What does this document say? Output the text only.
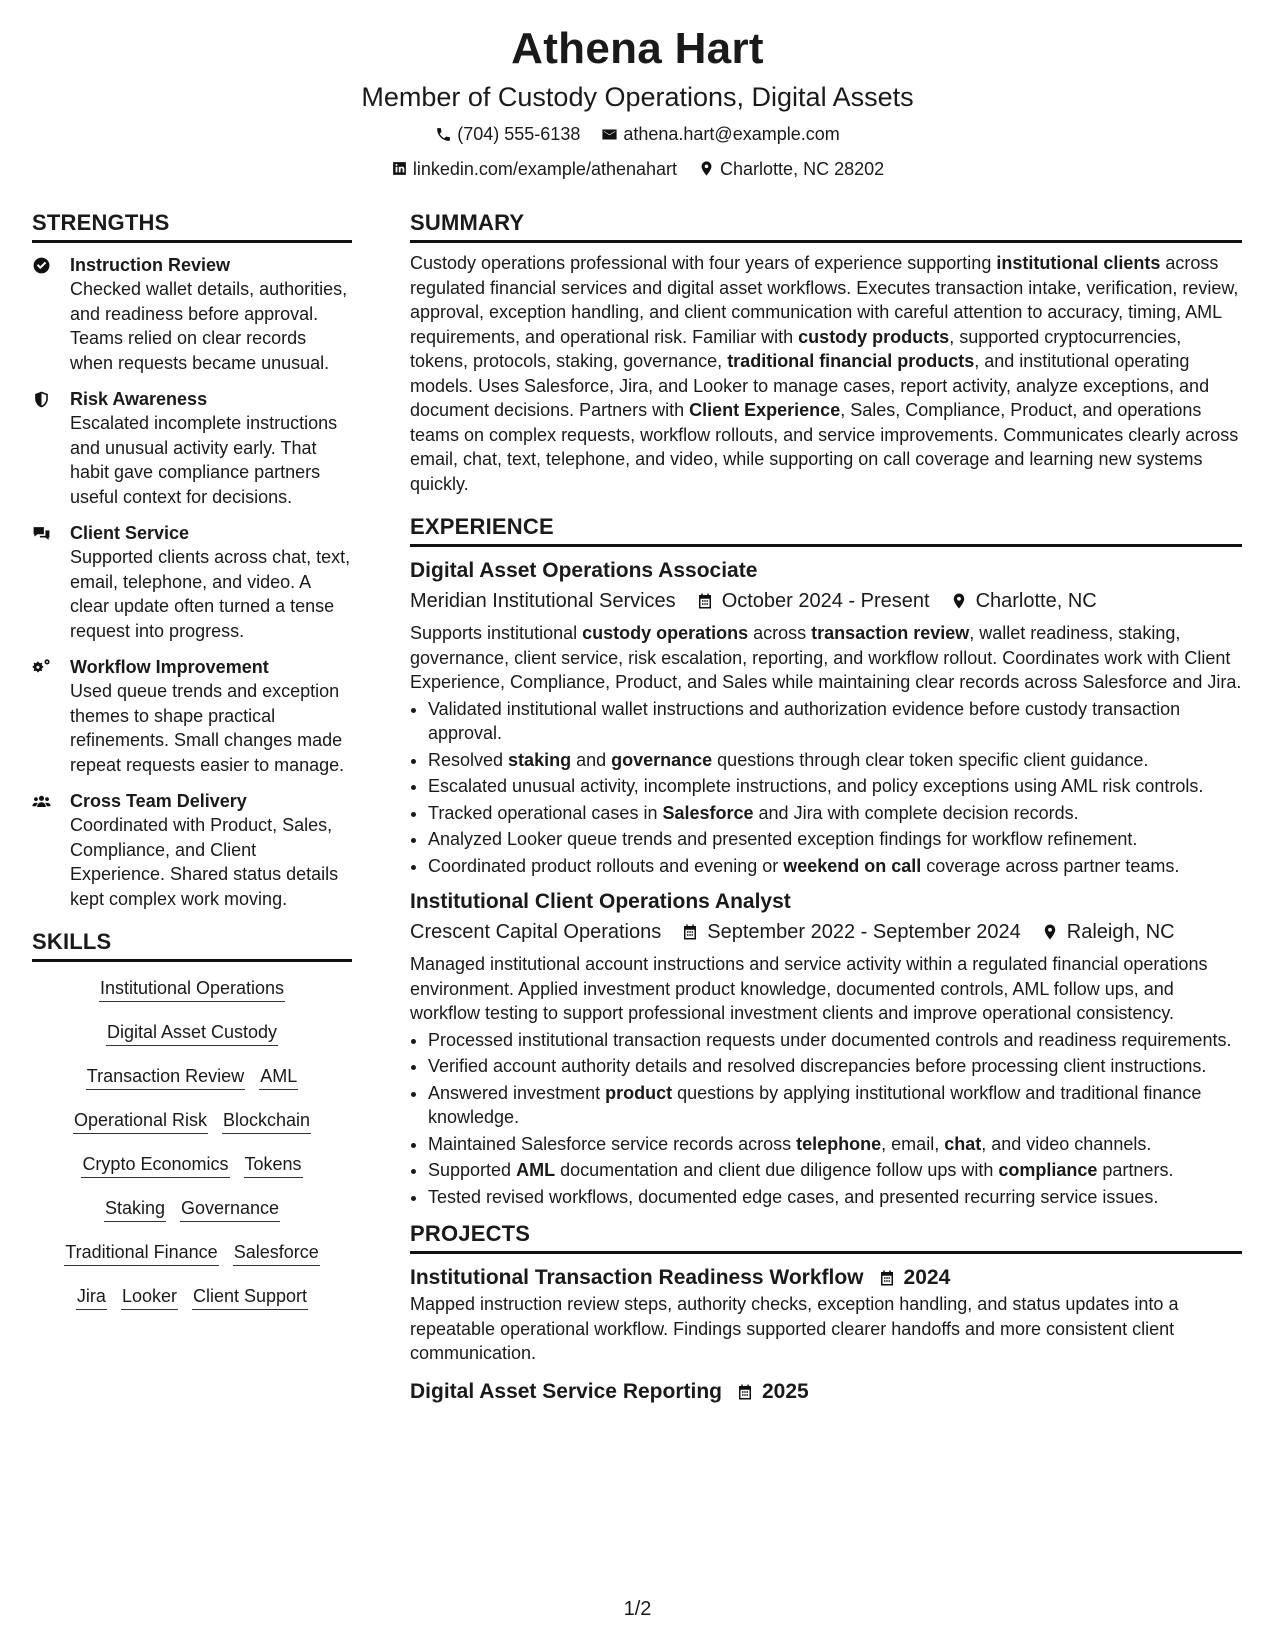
Athena Hart
Member of Custody Operations, Digital Assets
(704) 555-6138
athena.hart@example.com
linkedin.com/example/athenahart
Charlotte, NC 28202
STRENGTHS
Instruction Review
Checked wallet details, authorities, and readiness before approval. Teams relied on clear records when requests became unusual.
Risk Awareness
Escalated incomplete instructions and unusual activity early. That habit gave compliance partners useful context for decisions.
Client Service
Supported clients across chat, text, email, telephone, and video. A clear update often turned a tense request into progress.
Workflow Improvement
Used queue trends and exception themes to shape practical refinements. Small changes made repeat requests easier to manage.
Cross Team Delivery
Coordinated with Product, Sales, Compliance, and Client Experience. Shared status details kept complex work moving.
SKILLS
Institutional Operations
Digital Asset Custody
Transaction Review AML
Operational Risk Blockchain
Crypto Economics Tokens
Staking Governance
Traditional Finance Salesforce
Jira Looker Client Support
SUMMARY
Custody operations professional with four years of experience supporting institutional clients across regulated financial services and digital asset workflows. Executes transaction intake, verification, review, approval, exception handling, and client communication with careful attention to accuracy, timing, AML requirements, and operational risk. Familiar with custody products, supported cryptocurrencies, tokens, protocols, staking, governance, traditional financial products, and institutional operating models. Uses Salesforce, Jira, and Looker to manage cases, report activity, analyze exceptions, and document decisions. Partners with Client Experience, Sales, Compliance, Product, and operations teams on complex requests, workflow rollouts, and service improvements. Communicates clearly across email, chat, text, telephone, and video, while supporting on call coverage and learning new systems quickly.
EXPERIENCE
Digital Asset Operations Associate
Meridian Institutional Services October 2024 - Present Charlotte, NC
Supports institutional custody operations across transaction review, wallet readiness, staking, governance, client service, risk escalation, reporting, and workflow rollout. Coordinates work with Client Experience, Compliance, Product, and Sales while maintaining clear records across Salesforce and Jira.
• Validated institutional wallet instructions and authorization evidence before custody transaction approval.
• Resolved staking and governance questions through clear token specific client guidance.
• Escalated unusual activity, incomplete instructions, and policy exceptions using AML risk controls.
• Tracked operational cases in Salesforce and Jira with complete decision records.
• Analyzed Looker queue trends and presented exception findings for workflow refinement.
• Coordinated product rollouts and evening or weekend on call coverage across partner teams.
Institutional Client Operations Analyst
Crescent Capital Operations September 2022 - September 2024 Raleigh, NC
Managed institutional account instructions and service activity within a regulated financial operations environment. Applied investment product knowledge, documented controls, AML follow ups, and workflow testing to support professional investment clients and improve operational consistency.
• Processed institutional transaction requests under documented controls and readiness requirements.
• Verified account authority details and resolved discrepancies before processing client instructions.
• Answered investment product questions by applying institutional workflow and traditional finance knowledge.
• Maintained Salesforce service records across telephone, email, chat, and video channels.
• Supported AML documentation and client due diligence follow ups with compliance partners.
• Tested revised workflows, documented edge cases, and presented recurring service issues.
PROJECTS
Institutional Transaction Readiness Workflow 2024
Mapped instruction review steps, authority checks, exception handling, and status updates into a repeatable operational workflow. Findings supported clearer handoffs and more consistent client communication.
Digital Asset Service Reporting 2025
1/2
